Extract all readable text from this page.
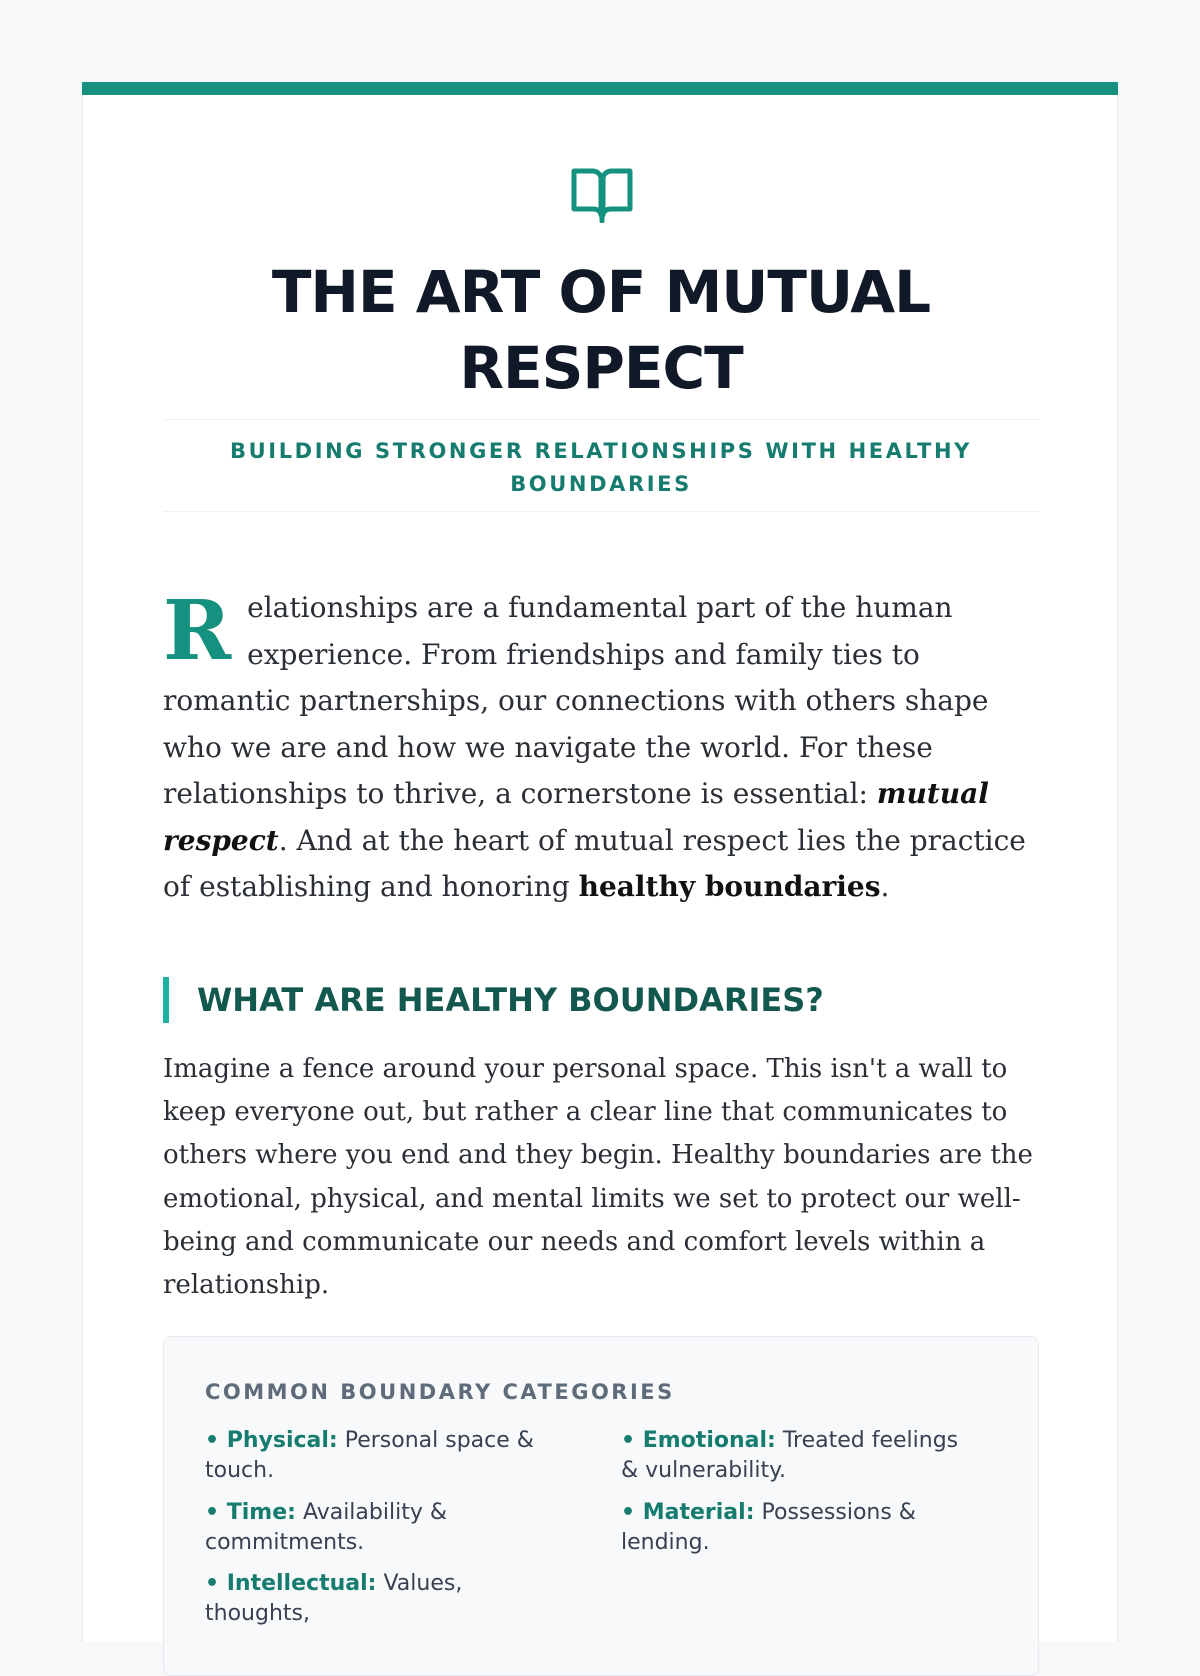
THE ART OF MUTUAL RESPECT

BUILDING STRONGER RELATIONSHIPS WITH HEALTHY BOUNDARIES

Relationships are a fundamental part of the human experience. From friendships and family ties to romantic partnerships, our connections with others shape who we are and how we navigate the world. For these relationships to thrive, a cornerstone is essential: mutual respect. And at the heart of mutual respect lies the practice of establishing and honoring healthy boundaries.

WHAT ARE HEALTHY BOUNDARIES?

Imagine a fence around your personal space. This isn't a wall to keep everyone out, but rather a clear line that communicates to others where you end and they begin. Healthy boundaries are the emotional, physical, and mental limits we set to protect our well-being and communicate our needs and comfort levels within a relationship.

COMMON BOUNDARY CATEGORIES

• Physical: Personal space & touch.

• Emotional: Treated feelings & vulnerability.

• Time: Availability & commitments.

• Material: Possessions & lending.

• Intellectual: Values, thoughts,
